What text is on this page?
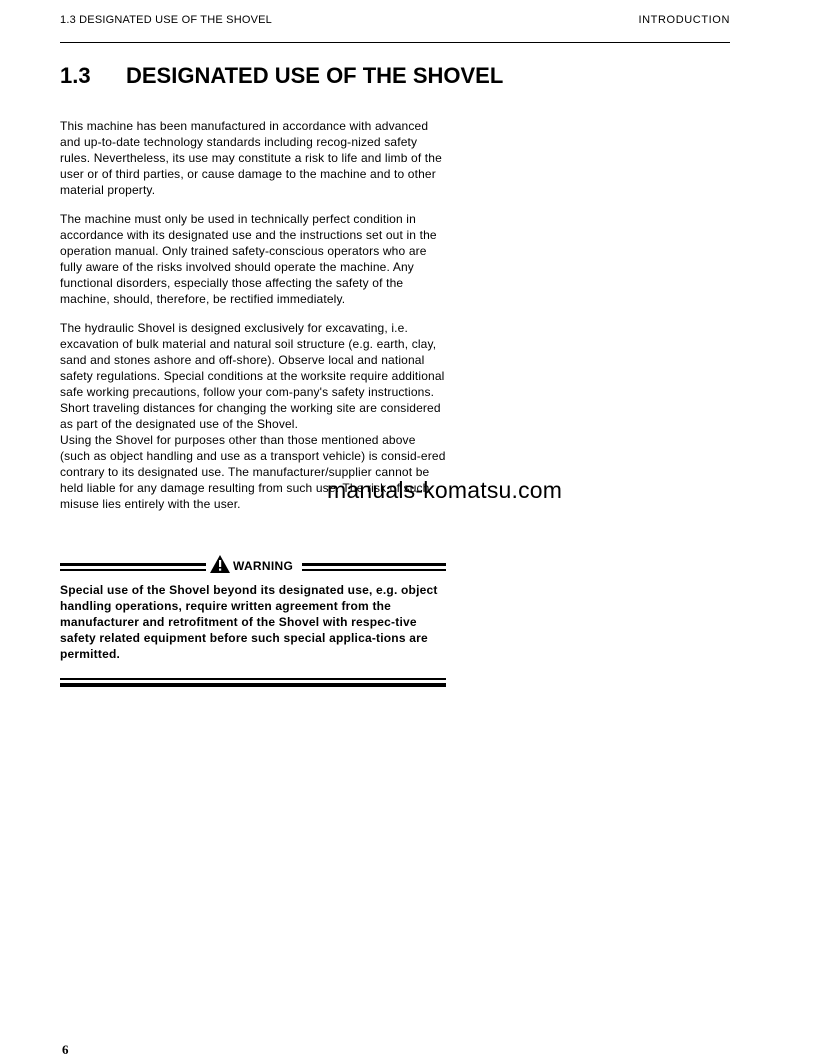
1.3 DESIGNATED USE OF THE SHOVEL	INTRODUCTION
1.3 DESIGNATED USE OF THE SHOVEL

This machine has been manufactured in accordance with advanced and up-to-date technology standards including recog-nized safety rules. Nevertheless, its use may constitute a risk to life and limb of the user or of third parties, or cause damage to the machine and to other material property.

The machine must only be used in technically perfect condition in accordance with its designated use and the instructions set out in the operation manual. Only trained safety-conscious operators who are fully aware of the risks involved should operate the machine. Any functional disorders, especially those affecting the safety of the machine, should, therefore, be rectified immediately.

The hydraulic Shovel is designed exclusively for excavating, i.e. excavation of bulk material and natural soil structure (e.g. earth, clay, sand and stones ashore and off-shore). Observe local and national safety regulations. Special conditions at the worksite require additional safe working precautions, follow your com-pany's safety instructions. Short traveling distances for changing the working site are considered as part of the designated use of the Shovel.

Using the Shovel for purposes other than those mentioned above (such as object handling and use as a transport vehicle) is consid-ered contrary to its designated use. The manufacturer/supplier cannot be held liable for any damage resulting from such use. The risk of such misuse lies entirely with the user.

manuals-komatsu.com
WARNING
Special use of the Shovel beyond its designated use, e.g. object handling operations, require written agreement from the manufacturer and retrofitment of the Shovel with respec-tive safety related equipment before such special applica-tions are permitted.
6
